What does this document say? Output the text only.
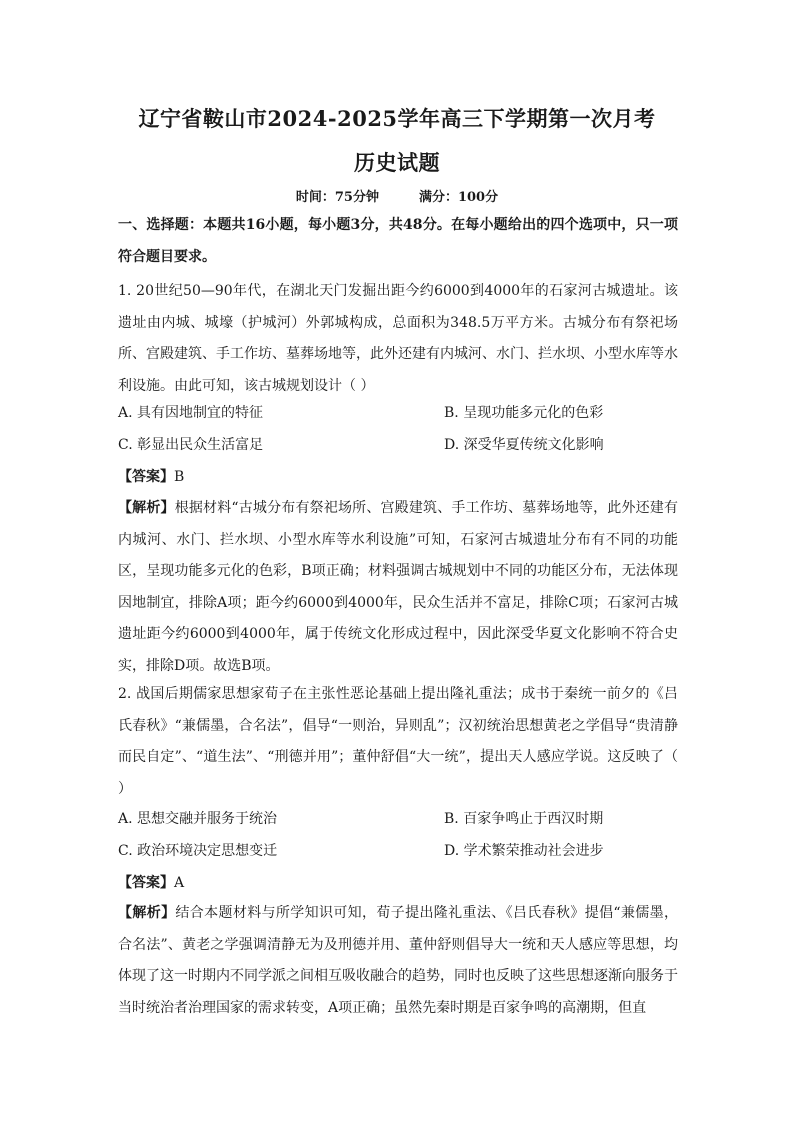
辽宁省鞍山市2024-2025学年高三下学期第一次月考
历史试题
时间：75分钟	满分：100分
一、选择题：本题共16小题，每小题3分，共48分。在每小题给出的四个选项中，只一项符合题目要求。
1. 20世纪50—90年代，在湖北天门发掘出距今约6000到4000年的石家河古城遗址。该遗址由内城、城壕（护城河）外郭城构成，总面积为348.5万平方米。古城分布有祭祀场所、宫殿建筑、手工作坊、墓葬场地等，此外还建有内城河、水门、拦水坝、小型水库等水利设施。由此可知，该古城规划设计（ ）
A. 具有因地制宜的特征	B. 呈现功能多元化的色彩
C. 彰显出民众生活富足	D. 深受华夏传统文化影响
【答案】B
【解析】根据材料“古城分布有祭祀场所、宫殿建筑、手工作坊、墓葬场地等，此外还建有内城河、水门、拦水坝、小型水库等水利设施”可知，石家河古城遗址分布有不同的功能区，呈现功能多元化的色彩，B项正确；材料强调古城规划中不同的功能区分布，无法体现因地制宜，排除A项；距今约6000到4000年，民众生活并不富足，排除C项；石家河古城遗址距今约6000到4000年，属于传统文化形成过程中，因此深受华夏文化影响不符合史实，排除D项。故选B项。
2. 战国后期儒家思想家荀子在主张性恶论基础上提出隆礼重法；成书于秦统一前夕的《吕氏春秋》“兼儒墨，合名法”，倡导“一则治，异则乱”；汉初统治思想黄老之学倡导“贵清静而民自定”、“道生法”、“刑德并用”；董仲舒倡“大一统”，提出天人感应学说。这反映了（ ）
A. 思想交融并服务于统治	B. 百家争鸣止于西汉时期
C. 政治环境决定思想变迁	D. 学术繁荣推动社会进步
【答案】A
【解析】结合本题材料与所学知识可知，荀子提出隆礼重法、《吕氏春秋》提倡“兼儒墨，合名法”、黄老之学强调清静无为及刑德并用、董仲舒则倡导大一统和天人感应等思想，均体现了这一时期内不同学派之间相互吸收融合的趋势，同时也反映了这些思想逐渐向服务于当时统治者治理国家的需求转变，A项正确；虽然先秦时期是百家争鸣的高潮期，但直
